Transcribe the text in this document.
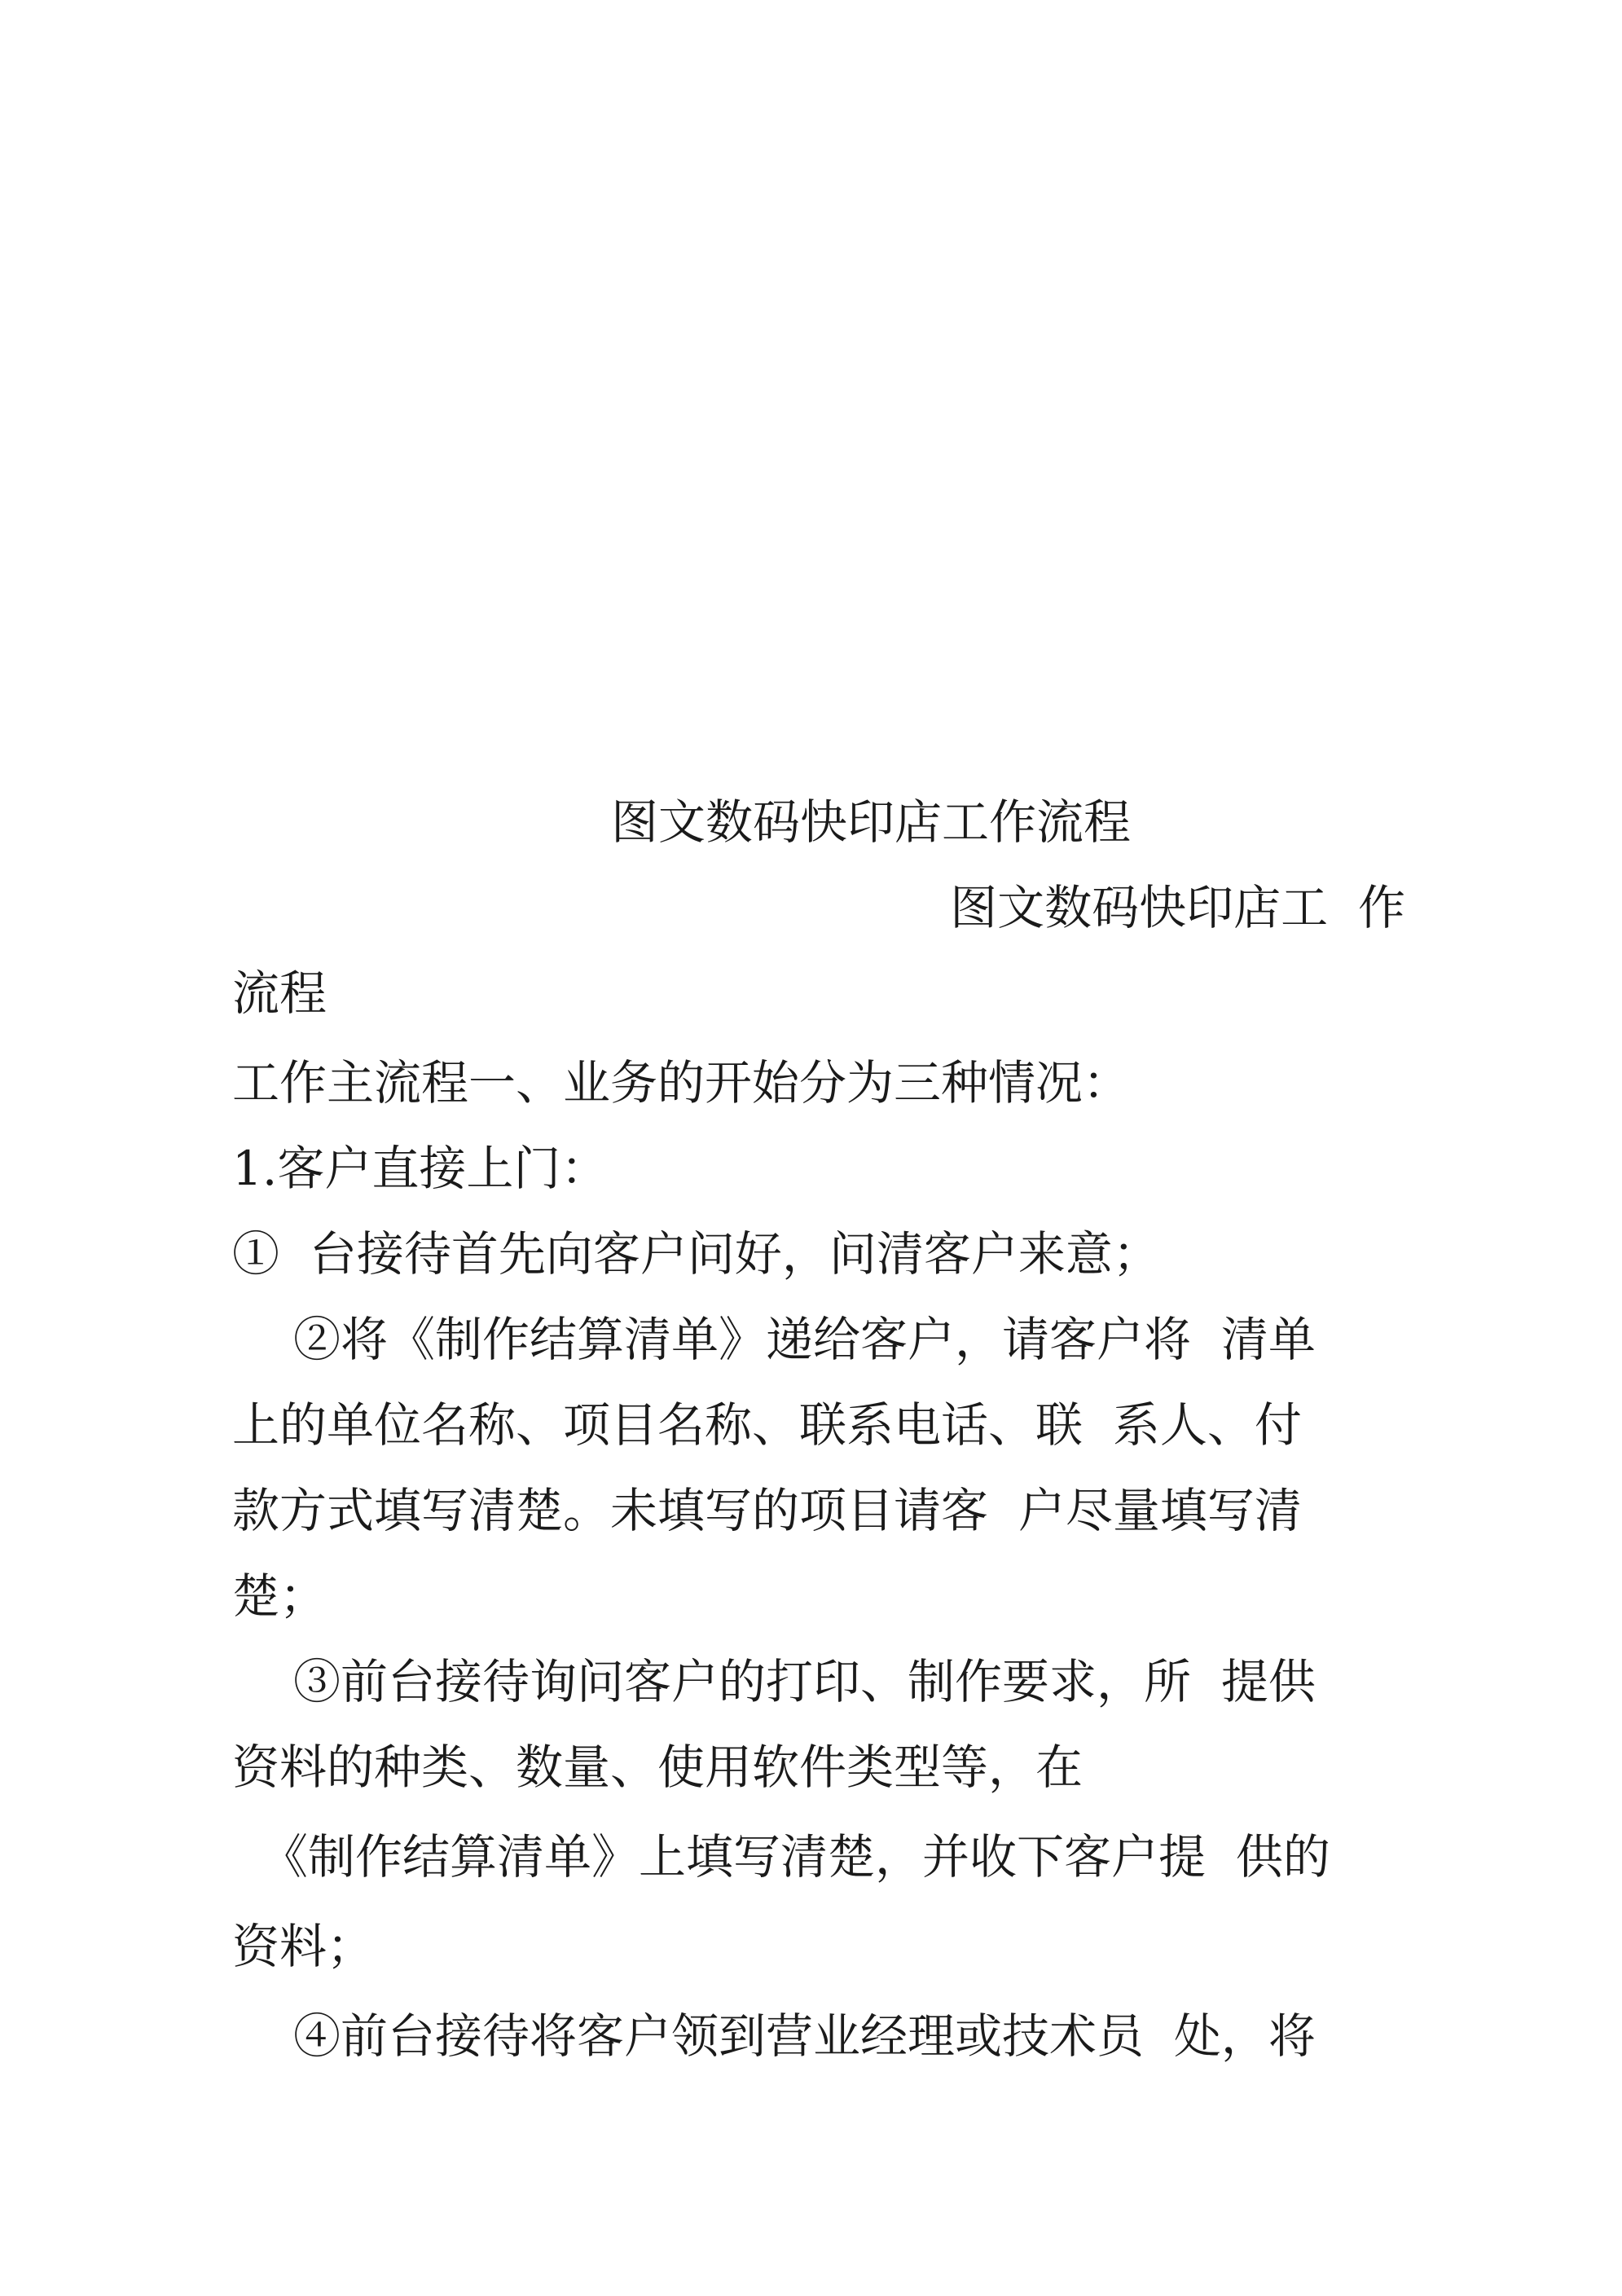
图文数码快印店工作流程

图文数码快印店工  作

流程

工作主流程一、业务的开始分为三种情况：

1.客户直接上门：

①  台接待首先向客户问好，问清客户来意；

②将《制作结算清单》递给客户，请客户将  清单

上的单位名称、项目名称、联系电话、联  系人、付

款方式填写清楚。未填写的项目请客  户尽量填写清

楚；

③前台接待询问客户的打印、制作要求，所  提供

资料的种类、数量、使用软件类型等，在

《制作结算清单》上填写清楚，并收下客户提  供的

资料；

④前台接待将客户领到营业经理或技术员  处，将
